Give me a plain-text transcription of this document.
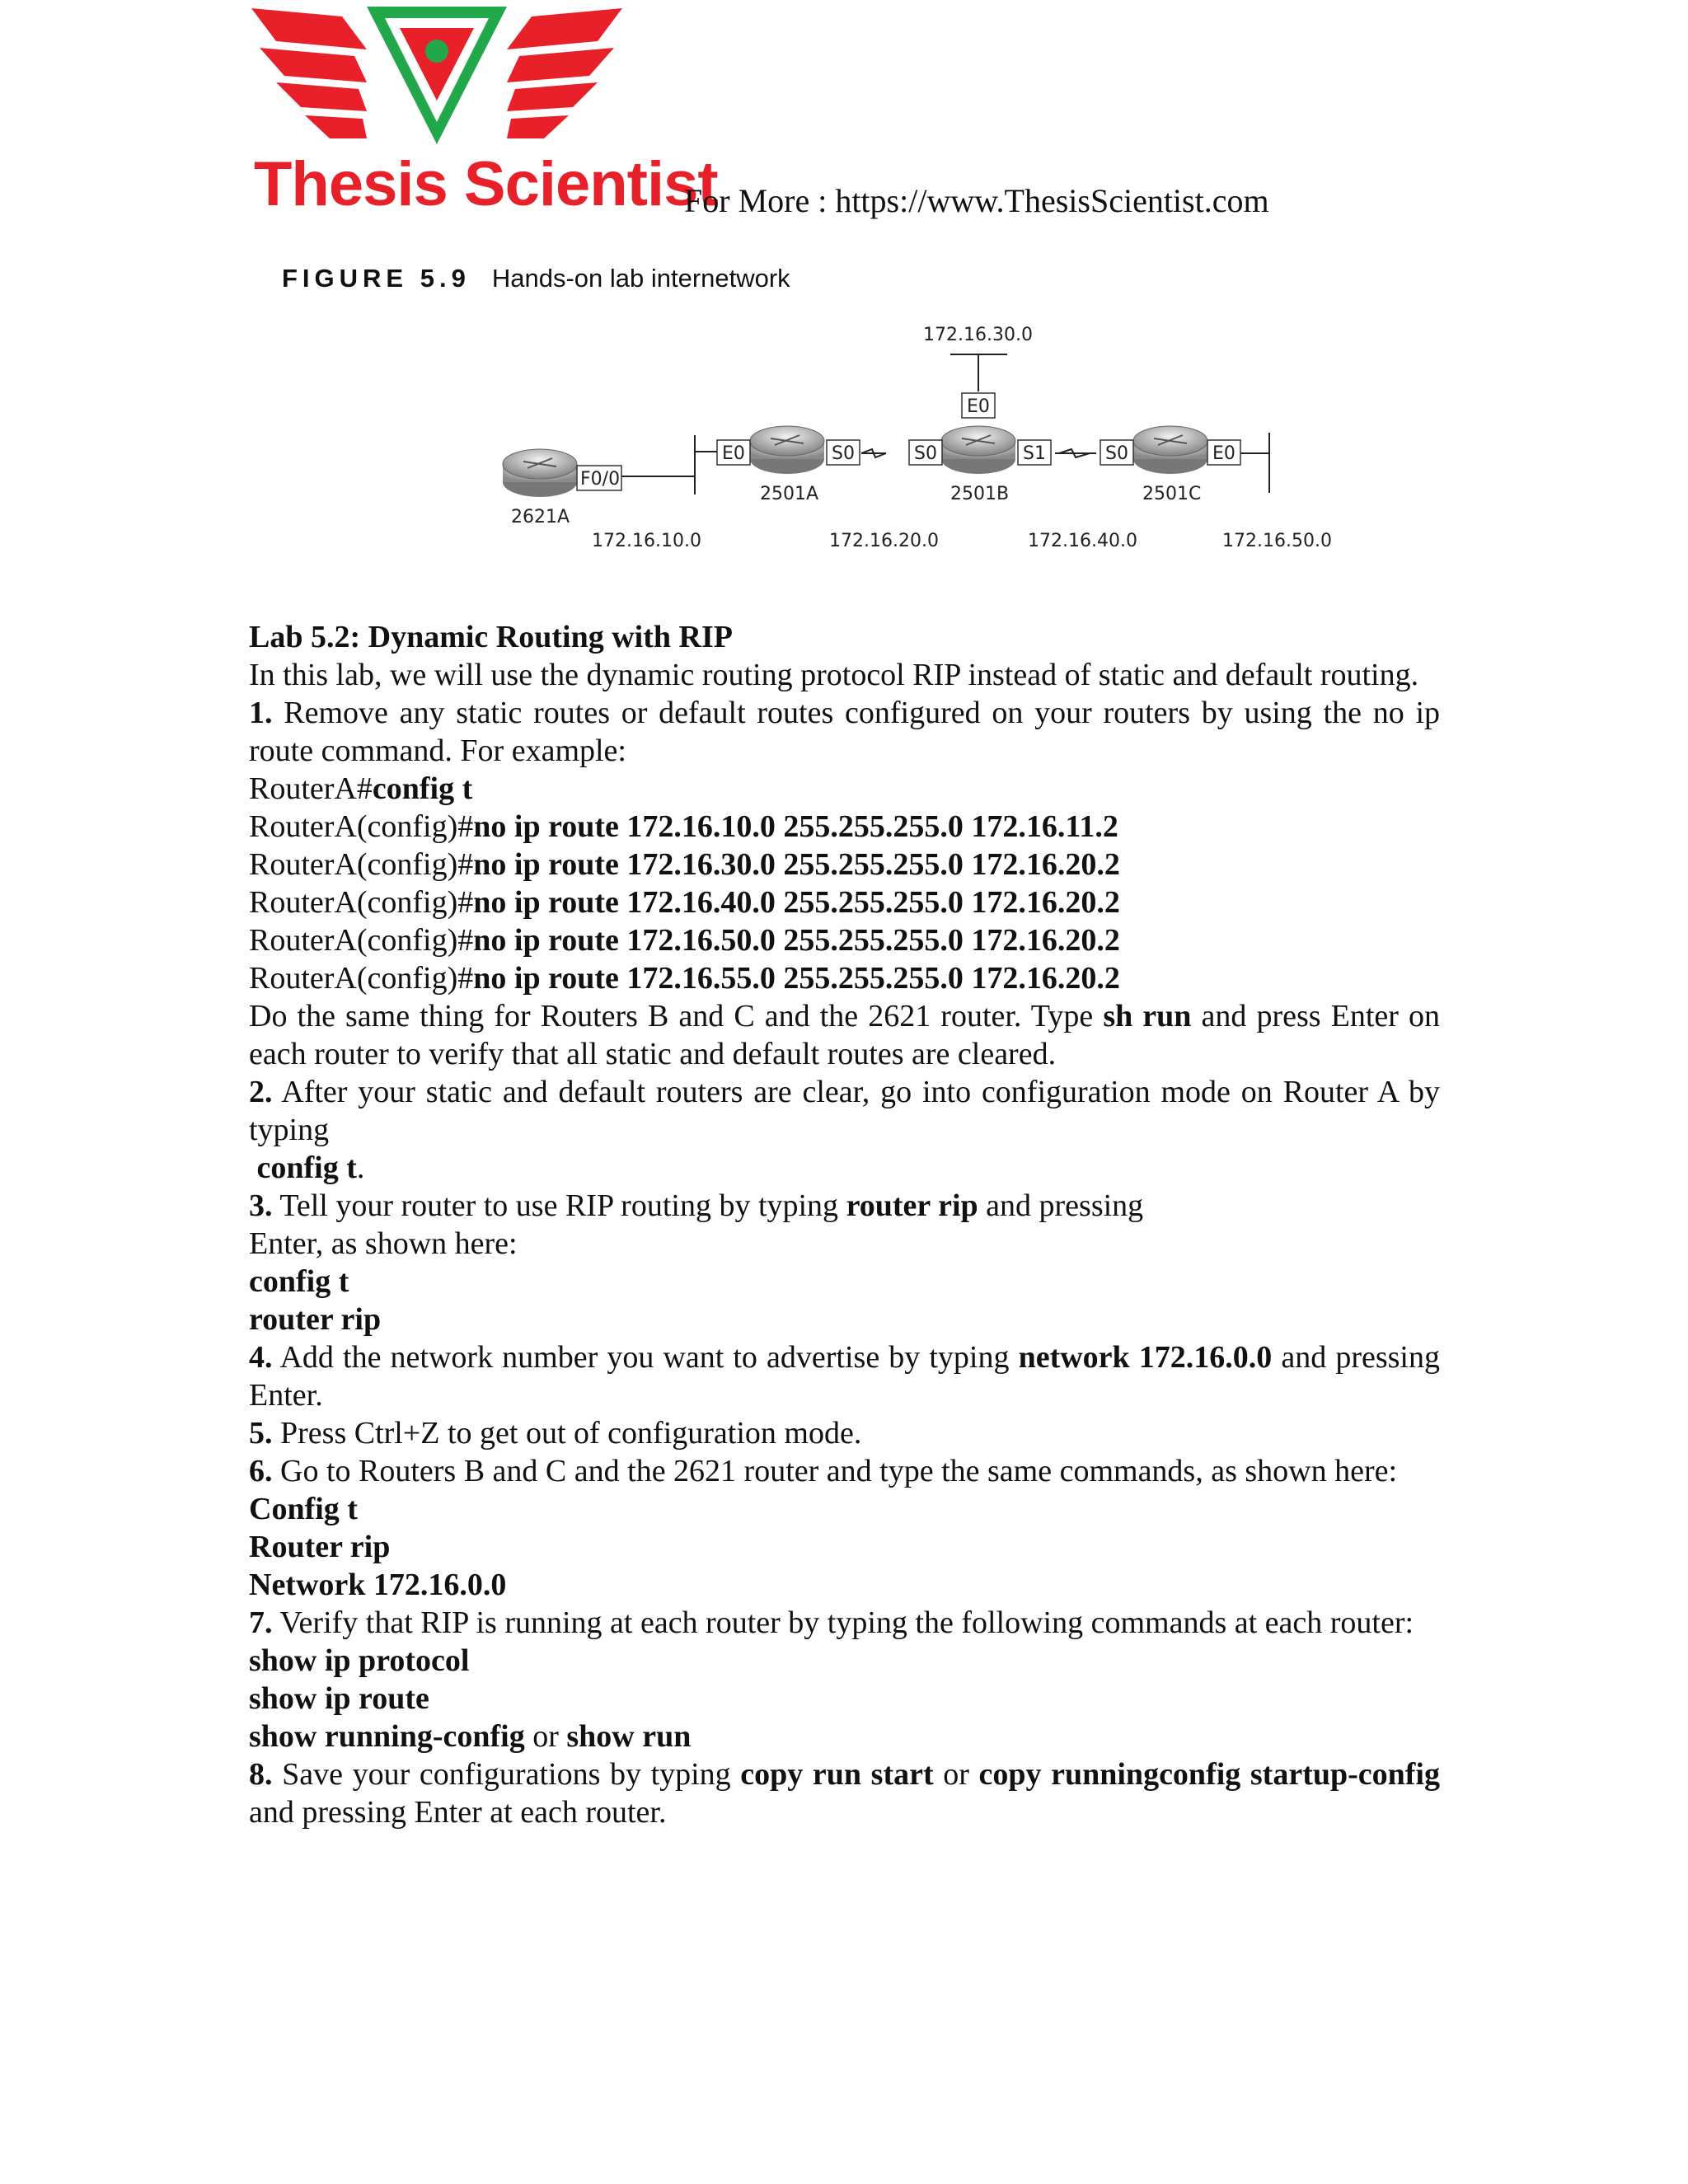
Thesis Scientist
For More : https://www.ThesisScientist.com
FIGURE 5.9 Hands-on lab internetwork
F0/0
E0	S0	S0	S1	S0	E0
E0
2621A
2501A	2501B	2501C
172.16.30.0
172.16.10.0	172.16.20.0	172.16.40.0	172.16.50.0

Lab 5.2: Dynamic Routing with RIP

In this lab, we will use the dynamic routing protocol RIP instead of static and default routing.

1. Remove any static routes or default routes configured on your routers by using the no ip route command. For example:

RouterA#config t

RouterA(config)#no ip route 172.16.10.0 255.255.255.0 172.16.11.2

RouterA(config)#no ip route 172.16.30.0 255.255.255.0 172.16.20.2

RouterA(config)#no ip route 172.16.40.0 255.255.255.0 172.16.20.2

RouterA(config)#no ip route 172.16.50.0 255.255.255.0 172.16.20.2

RouterA(config)#no ip route 172.16.55.0 255.255.255.0 172.16.20.2

Do the same thing for Routers B and C and the 2621 router. Type sh run and press Enter on each router to verify that all static and default routes are cleared.

2. After your static and default routers are clear, go into configuration mode on Router A by typing

config t.

3. Tell your router to use RIP routing by typing router rip and pressing

Enter, as shown here:

config t

router rip

4. Add the network number you want to advertise by typing network 172.16.0.0 and pressing Enter.

5. Press Ctrl+Z to get out of configuration mode.

6. Go to Routers B and C and the 2621 router and type the same commands, as shown here:

Config t

Router rip

Network 172.16.0.0

7. Verify that RIP is running at each router by typing the following commands at each router:

show ip protocol

show ip route

show running-config or show run

8. Save your configurations by typing copy run start or copy runningconfig startup-config and pressing Enter at each router.
